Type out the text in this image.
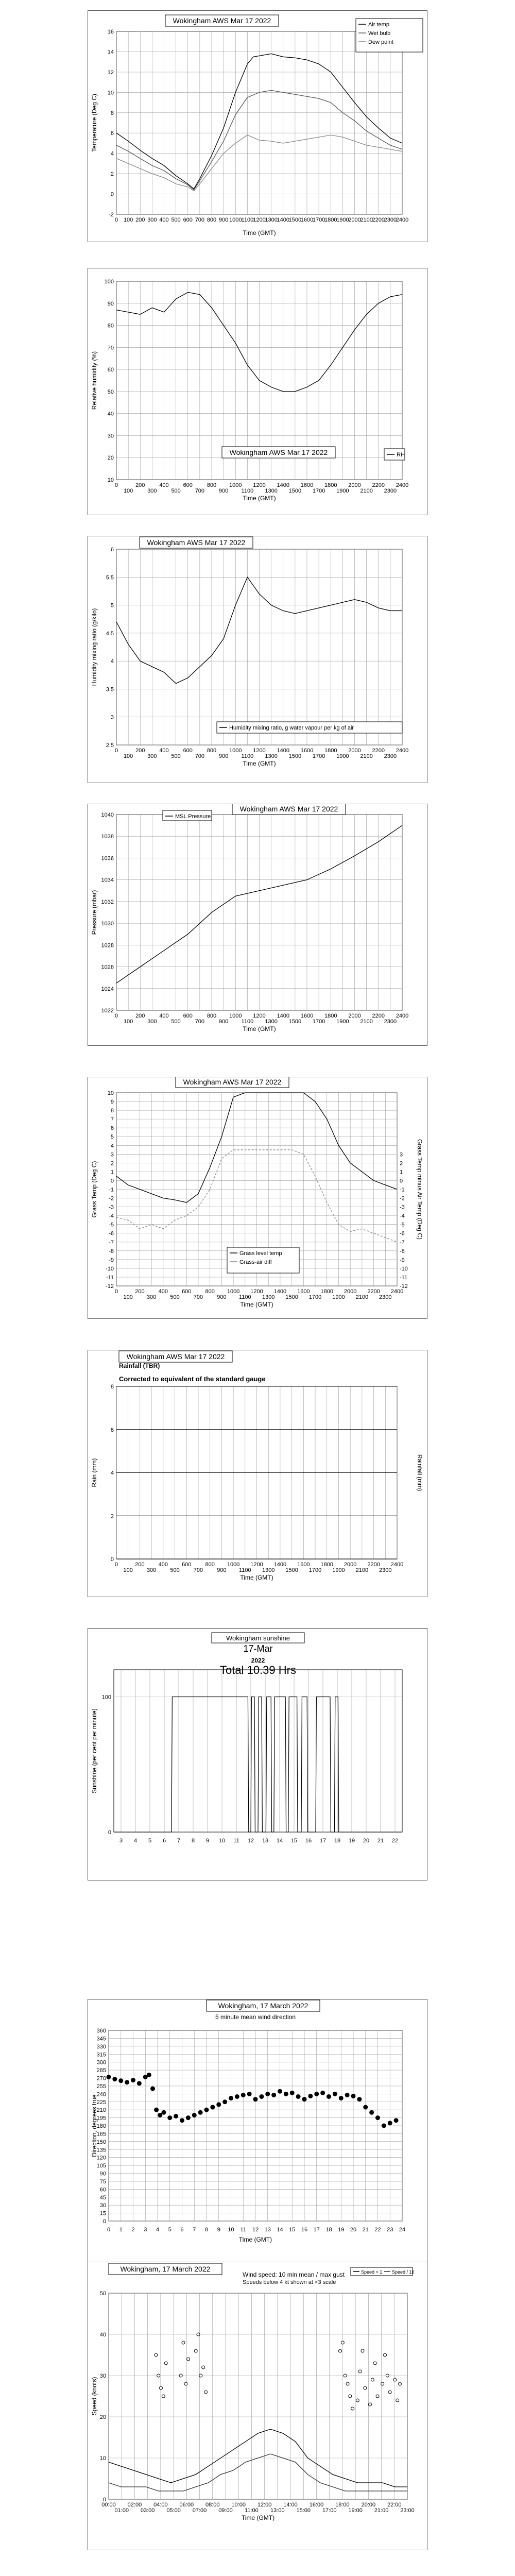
0 100 200 300 400 500 600 700 800 900 1000 1100 1200
1300
1400
1500
1600
1700
1800
1900
2000
2100
2200
2300
2400
-2
0
2
4
6
8
10
12
14
16
Time (GMT)
Temperature (Deg C)
Wokingham AWS Mar 17 2022	Air temp
Wet bulb
Dew point
0
100
200
300
400
500
600
700
800
900
1000
1100
1200
1300
1400
1500
1600
1700
1800
1900
2000
2100
2200
2300
2400
10
20
30
40
50
60
70
80
90
100
Time (GMT)
Relative humidity (%)
Wokingham AWS Mar 17 2022	RH
0
100
200
300
400
500
600
700
800
900
1000
1100
1200
1300
1400
1500
1600
1700
1800
1900
2000
2100
2200
2300
2400
2.5
3
3.5
4
4.5
5
5.5
6
Time (GMT)
Humidity mixing ratio (g/kilo)
Wokingham AWS Mar 17 2022
Humidity mixing ratio, g water vapour per kg of air
0
100
200
300
400
500
600
700
800
900
1000
1100
1200
1300
1400
1500
1600
1700
1800
1900
2000
2100
2200
2300
2400
1022
1024
1026
1028
1030
1032
1034
1036
1038
1040
Time (GMT)
Pressure (mbar)
Wokingham AWS Mar 17 2022
MSL Pressure
0
100
200
300
400
500
600
700
800
900
1000
1100
1200
1300
1400
1500
1600
1700
1800
1900
2000
2100
2200
2300
2400
-12
-11
-10
-9
-8
-7
-6
-5
-4
-3
-2
-1
0
1
2
3
4
5
6
7
8
9
10
-12
-11
-10
-9
-8
-7
-6
-5
-4
-3
-2
-1
0
1
2
3
Time (GMT)
Grass Temp (Deg C)	Grass Temp minus Air Temp (Deg C)
Wokingham AWS Mar 17 2022
Grass level temp
Grass-air diff
0
100
200
300
400
500
600
700
800
900
1000
1100
1200
1300
1400
1500
1600
1700
1800
1900
2000
2100
2200
2300
2400
0
2
4
6
8
Time (GMT)
Rain (mm)	Rainfall (mm)
Wokingham AWS Mar 17 2022
Rainfall (TBR)
Corrected to equivalent of the standard gauge
3 4 5 6 7 8 9 10 11 12 13 14 15 16 17 18 19 20 21 22
0
100
Sunshine (per cent per minute)
Wokingham sunshine
17-Mar
2022
Total 10.39 Hrs
0 1 2 3 4 5 6 7 8 9 10 11 12 13 14 15 16 17 18 19 20 21 22 23 24
0
15
30
45
60
75
90
105
120
135
150
165
180
195
210
225
240
255
270
285
300
315
330
345
360
Time (GMT)
Direction, degrees true
Wokingham, 17 March 2022
5 minute mean wind direction
00:00
01:00
02:00
03:00
04:00
05:00
06:00
07:00
08:00
09:00
10:00
11:00
12:00
13:00
14:00
15:00
16:00
17:00
18:00
19:00
20:00
21:00
22:00
23:00
0
10
20
30
40
50
Time (GMT)
Speed (knots)
Wokingham, 17 March 2022
Wind speed: 10 min mean / max gust
Speeds below 4 kt shown at ×3 scale
Speed > 1 Speed / 10
